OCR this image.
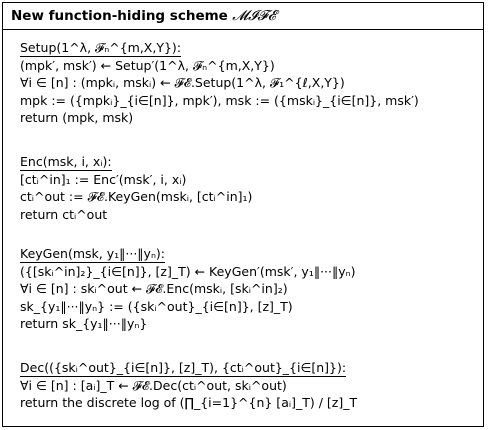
New function-hiding scheme 𝓜𝓘𝓕𝓔
Setup(1^λ, 𝓕ₙ^{m,X,Y}):
(mpk′, msk′) ← Setup′(1^λ, 𝓕ₙ^{m,X,Y})
∀i ∈ [n] : (mpkᵢ, mskᵢ) ← 𝓕𝓔.Setup(1^λ, 𝓕₁^{ℓ,X,Y})
mpk := ({mpkᵢ}_{i∈[n]}, mpk′), msk := ({mskᵢ}_{i∈[n]}, msk′)
return (mpk, msk)
Enc(msk, i, xᵢ):
[ctᵢ^in]₁ := Enc′(msk′, i, xᵢ)
ctᵢ^out := 𝓕𝓔.KeyGen(mskᵢ, [ctᵢ^in]₁)
return ctᵢ^out
KeyGen(msk, y₁‖···‖yₙ):
({[skᵢ^in]₂}_{i∈[n]}, [z]_T) ← KeyGen′(msk′, y₁‖···‖yₙ)
∀i ∈ [n] : skᵢ^out ← 𝓕𝓔.Enc(mskᵢ, [skᵢ^in]₂)
sk_{y₁‖···‖yₙ} := ({skᵢ^out}_{i∈[n]}, [z]_T)
return sk_{y₁‖···‖yₙ}
Dec(({skᵢ^out}_{i∈[n]}, [z]_T), {ctᵢ^out}_{i∈[n]}):
∀i ∈ [n] : [aᵢ]_T ← 𝓕𝓔.Dec(ctᵢ^out, skᵢ^out)
return the discrete log of (∏_{i=1}^{n} [aᵢ]_T) / [z]_T
